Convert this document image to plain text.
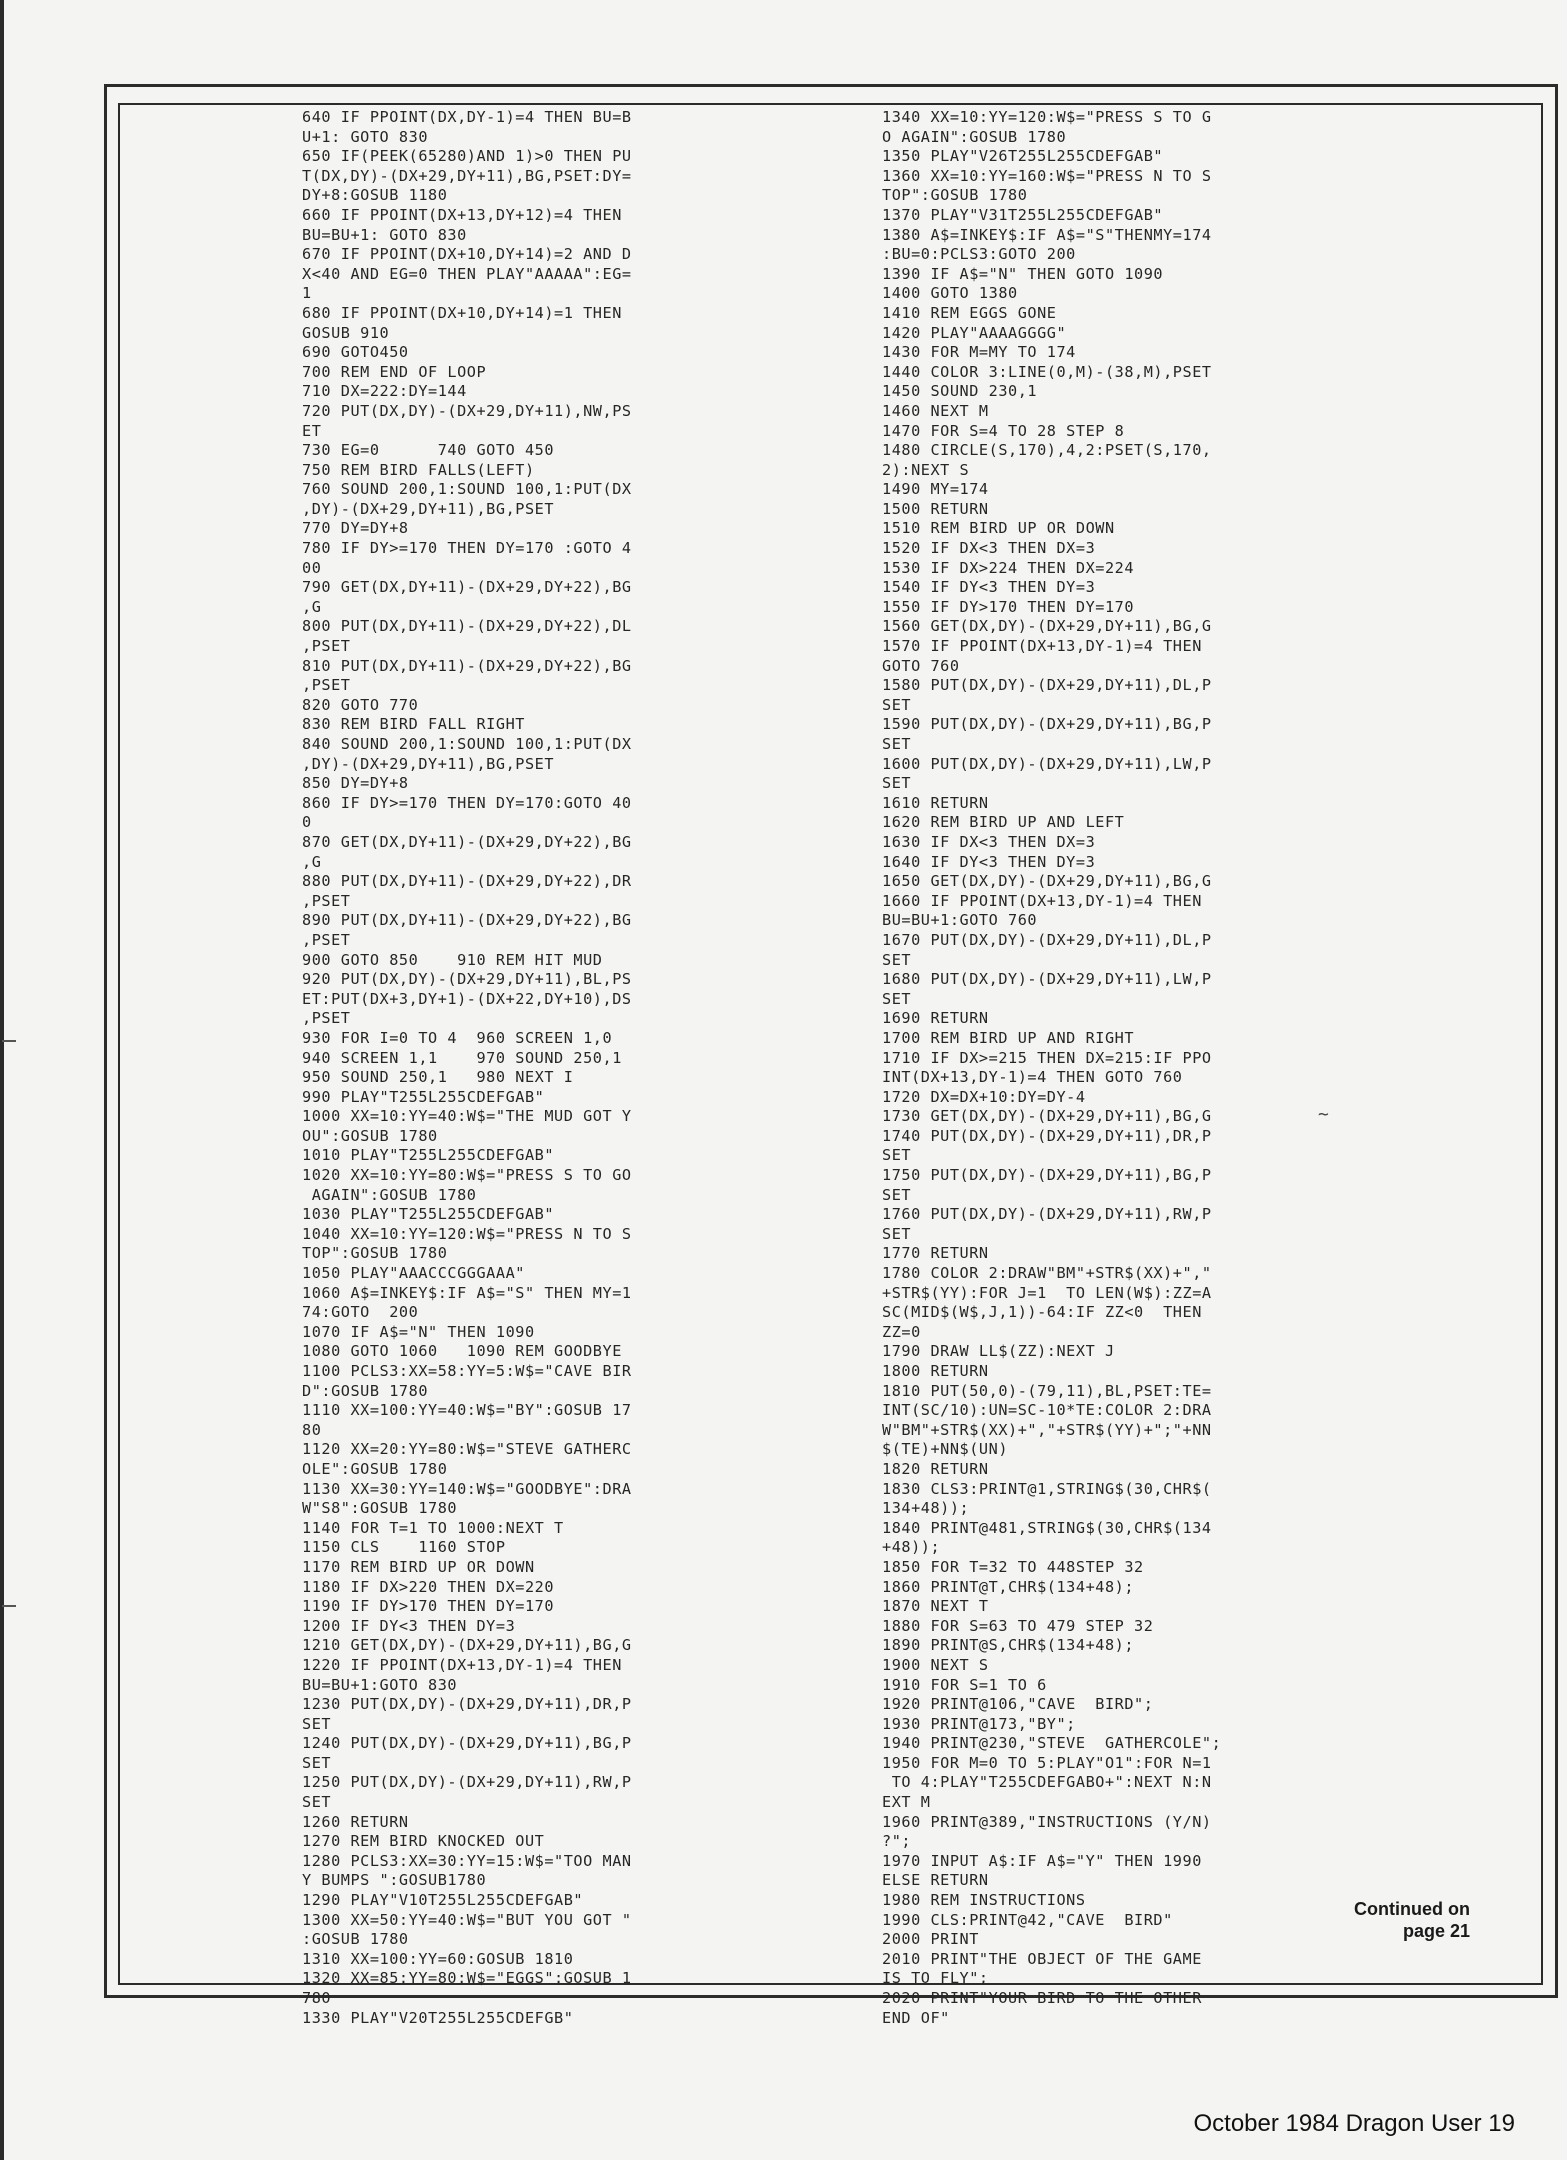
640 IF PPOINT(DX,DY-1)=4 THEN BU=B
U+1: GOTO 830
650 IF(PEEK(65280)AND 1)>0 THEN PU
T(DX,DY)-(DX+29,DY+11),BG,PSET:DY=
DY+8:GOSUB 1180
660 IF PPOINT(DX+13,DY+12)=4 THEN
BU=BU+1: GOTO 830
670 IF PPOINT(DX+10,DY+14)=2 AND D
X<40 AND EG=0 THEN PLAY"AAAAA":EG=
1
680 IF PPOINT(DX+10,DY+14)=1 THEN
GOSUB 910
690 GOTO450
700 REM END OF LOOP
710 DX=222:DY=144
720 PUT(DX,DY)-(DX+29,DY+11),NW,PS
ET
730 EG=0      740 GOTO 450
750 REM BIRD FALLS(LEFT)
760 SOUND 200,1:SOUND 100,1:PUT(DX
,DY)-(DX+29,DY+11),BG,PSET
770 DY=DY+8
780 IF DY>=170 THEN DY=170 :GOTO 4
00
790 GET(DX,DY+11)-(DX+29,DY+22),BG
,G
800 PUT(DX,DY+11)-(DX+29,DY+22),DL
,PSET
810 PUT(DX,DY+11)-(DX+29,DY+22),BG
,PSET
820 GOTO 770
830 REM BIRD FALL RIGHT
840 SOUND 200,1:SOUND 100,1:PUT(DX
,DY)-(DX+29,DY+11),BG,PSET
850 DY=DY+8
860 IF DY>=170 THEN DY=170:GOTO 40
0
870 GET(DX,DY+11)-(DX+29,DY+22),BG
,G
880 PUT(DX,DY+11)-(DX+29,DY+22),DR
,PSET
890 PUT(DX,DY+11)-(DX+29,DY+22),BG
,PSET
900 GOTO 850    910 REM HIT MUD
920 PUT(DX,DY)-(DX+29,DY+11),BL,PS
ET:PUT(DX+3,DY+1)-(DX+22,DY+10),DS
,PSET
930 FOR I=0 TO 4  960 SCREEN 1,0
940 SCREEN 1,1    970 SOUND 250,1
950 SOUND 250,1   980 NEXT I
990 PLAY"T255L255CDEFGAB"
1000 XX=10:YY=40:W$="THE MUD GOT Y
OU":GOSUB 1780
1010 PLAY"T255L255CDEFGAB"
1020 XX=10:YY=80:W$="PRESS S TO GO
AGAIN":GOSUB 1780
1030 PLAY"T255L255CDEFGAB"
1040 XX=10:YY=120:W$="PRESS N TO S
TOP":GOSUB 1780
1050 PLAY"AAACCCGGGAAA"
1060 A$=INKEY$:IF A$="S" THEN MY=1
74:GOTO  200
1070 IF A$="N" THEN 1090
1080 GOTO 1060   1090 REM GOODBYE
1100 PCLS3:XX=58:YY=5:W$="CAVE BIR
D":GOSUB 1780
1110 XX=100:YY=40:W$="BY":GOSUB 17
80
1120 XX=20:YY=80:W$="STEVE GATHERC
OLE":GOSUB 1780
1130 XX=30:YY=140:W$="GOODBYE":DRA
W"S8":GOSUB 1780
1140 FOR T=1 TO 1000:NEXT T
1150 CLS    1160 STOP
1170 REM BIRD UP OR DOWN
1180 IF DX>220 THEN DX=220
1190 IF DY>170 THEN DY=170
1200 IF DY<3 THEN DY=3
1210 GET(DX,DY)-(DX+29,DY+11),BG,G
1220 IF PPOINT(DX+13,DY-1)=4 THEN
BU=BU+1:GOTO 830
1230 PUT(DX,DY)-(DX+29,DY+11),DR,P
SET
1240 PUT(DX,DY)-(DX+29,DY+11),BG,P
SET
1250 PUT(DX,DY)-(DX+29,DY+11),RW,P
SET
1260 RETURN
1270 REM BIRD KNOCKED OUT
1280 PCLS3:XX=30:YY=15:W$="TOO MAN
Y BUMPS ":GOSUB1780
1290 PLAY"V10T255L255CDEFGAB"
1300 XX=50:YY=40:W$="BUT YOU GOT "
:GOSUB 1780
1310 XX=100:YY=60:GOSUB 1810
1320 XX=85:YY=80:W$="EGGS":GOSUB 1
780
1330 PLAY"V20T255L255CDEFGB"
1340 XX=10:YY=120:W$="PRESS S TO G
O AGAIN":GOSUB 1780
1350 PLAY"V26T255L255CDEFGAB"
1360 XX=10:YY=160:W$="PRESS N TO S
TOP":GOSUB 1780
1370 PLAY"V31T255L255CDEFGAB"
1380 A$=INKEY$:IF A$="S"THENMY=174
:BU=0:PCLS3:GOTO 200
1390 IF A$="N" THEN GOTO 1090
1400 GOTO 1380
1410 REM EGGS GONE
1420 PLAY"AAAAGGGG"
1430 FOR M=MY TO 174
1440 COLOR 3:LINE(0,M)-(38,M),PSET
1450 SOUND 230,1
1460 NEXT M
1470 FOR S=4 TO 28 STEP 8
1480 CIRCLE(S,170),4,2:PSET(S,170,
2):NEXT S
1490 MY=174
1500 RETURN
1510 REM BIRD UP OR DOWN
1520 IF DX<3 THEN DX=3
1530 IF DX>224 THEN DX=224
1540 IF DY<3 THEN DY=3
1550 IF DY>170 THEN DY=170
1560 GET(DX,DY)-(DX+29,DY+11),BG,G
1570 IF PPOINT(DX+13,DY-1)=4 THEN
GOTO 760
1580 PUT(DX,DY)-(DX+29,DY+11),DL,P
SET
1590 PUT(DX,DY)-(DX+29,DY+11),BG,P
SET
1600 PUT(DX,DY)-(DX+29,DY+11),LW,P
SET
1610 RETURN
1620 REM BIRD UP AND LEFT
1630 IF DX<3 THEN DX=3
1640 IF DY<3 THEN DY=3
1650 GET(DX,DY)-(DX+29,DY+11),BG,G
1660 IF PPOINT(DX+13,DY-1)=4 THEN
BU=BU+1:GOTO 760
1670 PUT(DX,DY)-(DX+29,DY+11),DL,P
SET
1680 PUT(DX,DY)-(DX+29,DY+11),LW,P
SET
1690 RETURN
1700 REM BIRD UP AND RIGHT
1710 IF DX>=215 THEN DX=215:IF PPO
INT(DX+13,DY-1)=4 THEN GOTO 760
1720 DX=DX+10:DY=DY-4
1730 GET(DX,DY)-(DX+29,DY+11),BG,G
1740 PUT(DX,DY)-(DX+29,DY+11),DR,P
SET
1750 PUT(DX,DY)-(DX+29,DY+11),BG,P
SET
1760 PUT(DX,DY)-(DX+29,DY+11),RW,P
SET
1770 RETURN
1780 COLOR 2:DRAW"BM"+STR$(XX)+","
+STR$(YY):FOR J=1  TO LEN(W$):ZZ=A
SC(MID$(W$,J,1))-64:IF ZZ<0  THEN
ZZ=0
1790 DRAW LL$(ZZ):NEXT J
1800 RETURN
1810 PUT(50,0)-(79,11),BL,PSET:TE=
INT(SC/10):UN=SC-10*TE:COLOR 2:DRA
W"BM"+STR$(XX)+","+STR$(YY)+";"+NN
$(TE)+NN$(UN)
1820 RETURN
1830 CLS3:PRINT@1,STRING$(30,CHR$(
134+48));
1840 PRINT@481,STRING$(30,CHR$(134
+48));
1850 FOR T=32 TO 448STEP 32
1860 PRINT@T,CHR$(134+48);
1870 NEXT T
1880 FOR S=63 TO 479 STEP 32
1890 PRINT@S,CHR$(134+48);
1900 NEXT S
1910 FOR S=1 TO 6
1920 PRINT@106,"CAVE  BIRD";
1930 PRINT@173,"BY";
1940 PRINT@230,"STEVE  GATHERCOLE";
1950 FOR M=0 TO 5:PLAY"O1":FOR N=1
TO 4:PLAY"T255CDEFGABO+":NEXT N:N
EXT M
1960 PRINT@389,"INSTRUCTIONS (Y/N)
?";
1970 INPUT A$:IF A$="Y" THEN 1990
ELSE RETURN
1980 REM INSTRUCTIONS
1990 CLS:PRINT@42,"CAVE  BIRD"
2000 PRINT
2010 PRINT"THE OBJECT OF THE GAME
IS TO FLY";
2020 PRINT"YOUR BIRD TO THE OTHER
END OF"
~
Continued on
page 21
October 1984 Dragon User 19
